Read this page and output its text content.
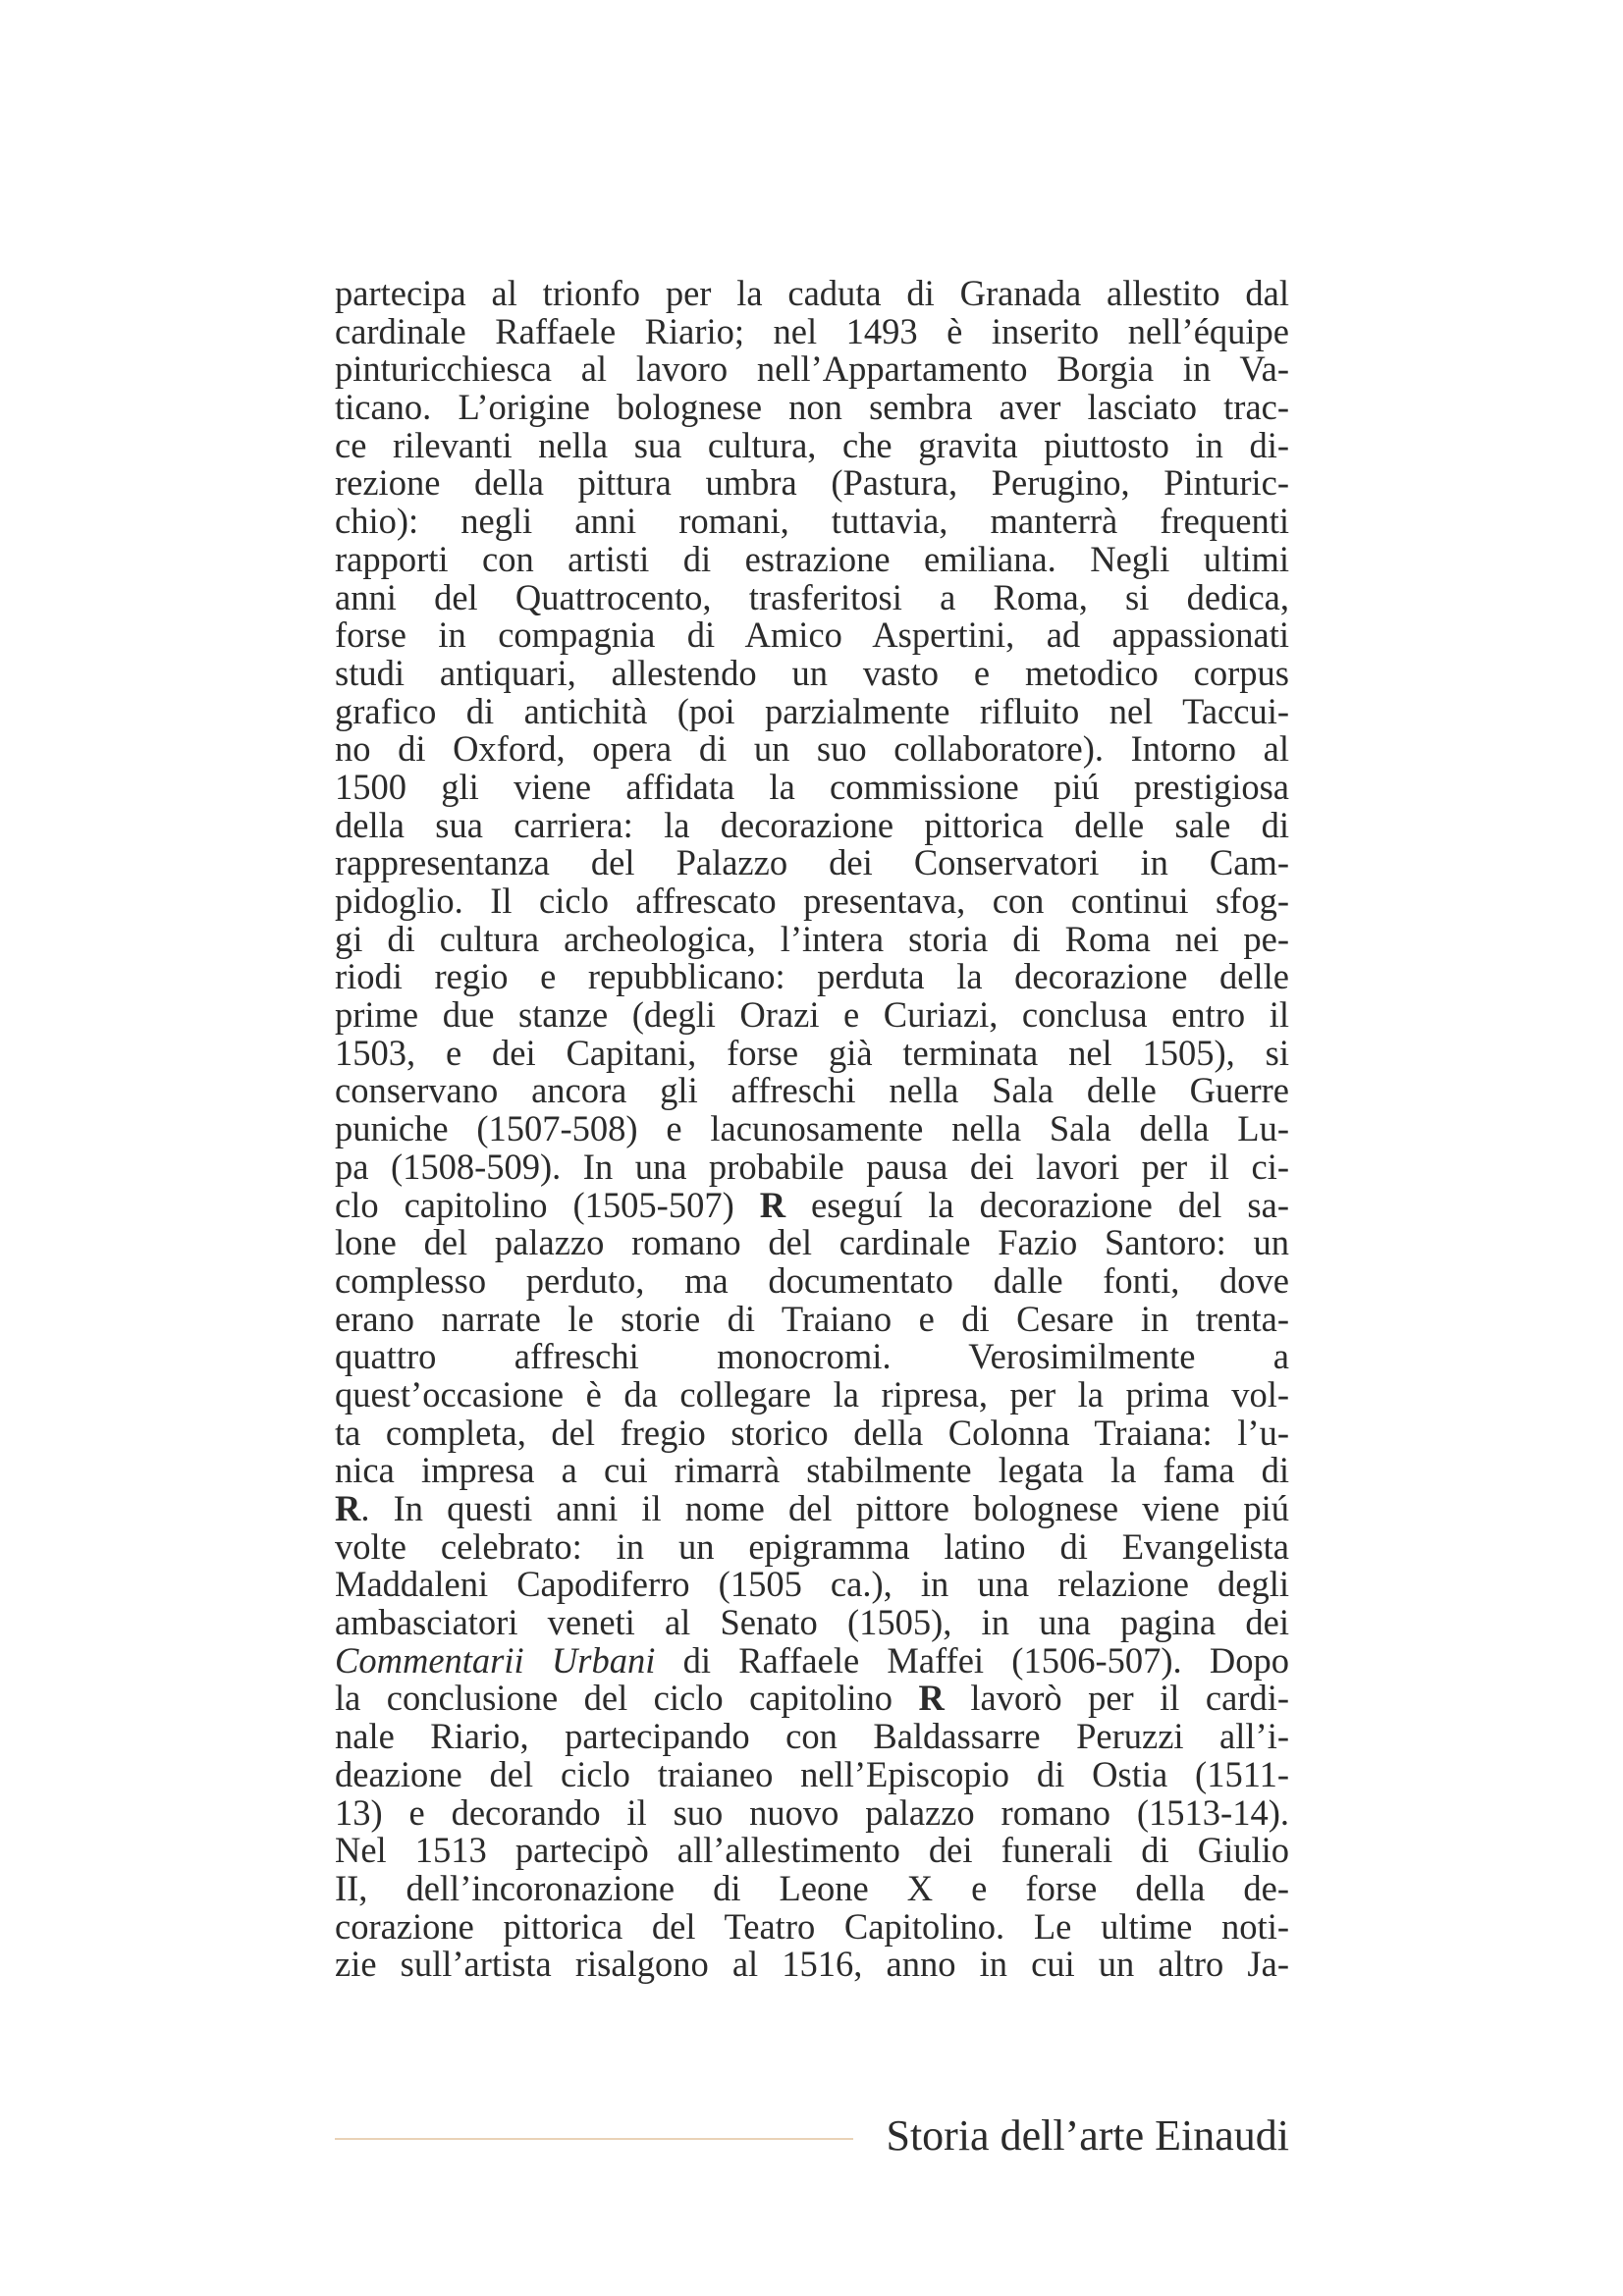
partecipa al trionfo per la caduta di Granada allestito dal
cardinale Raffaele Riario; nel 1493 è inserito nell’équipe
pinturicchiesca al lavoro nell’Appartamento Borgia in Va-
ticano. L’origine bolognese non sembra aver lasciato trac-
ce rilevanti nella sua cultura, che gravita piuttosto in di-
rezione della pittura umbra (Pastura, Perugino, Pinturic-
chio): negli anni romani, tuttavia, manterrà frequenti
rapporti con artisti di estrazione emiliana. Negli ultimi
anni del Quattrocento, trasferitosi a Roma, si dedica,
forse in compagnia di Amico Aspertini, ad appassionati
studi antiquari, allestendo un vasto e metodico corpus
grafico di antichità (poi parzialmente rifluito nel Taccui-
no di Oxford, opera di un suo collaboratore). Intorno al
1500 gli viene affidata la commissione piú prestigiosa
della sua carriera: la decorazione pittorica delle sale di
rappresentanza del Palazzo dei Conservatori in Cam-
pidoglio. Il ciclo affrescato presentava, con continui sfog-
gi di cultura archeologica, l’intera storia di Roma nei pe-
riodi regio e repubblicano: perduta la decorazione delle
prime due stanze (degli Orazi e Curiazi, conclusa entro il
1503, e dei Capitani, forse già terminata nel 1505), si
conservano ancora gli affreschi nella Sala delle Guerre
puniche (1507-508) e lacunosamente nella Sala della Lu-
pa (1508-509). In una probabile pausa dei lavori per il ci-
clo capitolino (1505-507) R eseguí la decorazione del sa-
lone del palazzo romano del cardinale Fazio Santoro: un
complesso perduto, ma documentato dalle fonti, dove
erano narrate le storie di Traiano e di Cesare in trenta-
quattro affreschi monocromi. Verosimilmente a
quest’occasione è da collegare la ripresa, per la prima vol-
ta completa, del fregio storico della Colonna Traiana: l’u-
nica impresa a cui rimarrà stabilmente legata la fama di
R. In questi anni il nome del pittore bolognese viene piú
volte celebrato: in un epigramma latino di Evangelista
Maddaleni Capodiferro (1505 ca.), in una relazione degli
ambasciatori veneti al Senato (1505), in una pagina dei
Commentarii Urbani di Raffaele Maffei (1506-507). Dopo
la conclusione del ciclo capitolino R lavorò per il cardi-
nale Riario, partecipando con Baldassarre Peruzzi all’i-
deazione del ciclo traianeo nell’Episcopio di Ostia (1511-
13) e decorando il suo nuovo palazzo romano (1513-14).
Nel 1513 partecipò all’allestimento dei funerali di Giulio
II, dell’incoronazione di Leone X e forse della de-
corazione pittorica del Teatro Capitolino. Le ultime noti-
zie sull’artista risalgono al 1516, anno in cui un altro Ja-
Storia dell’arte Einaudi
